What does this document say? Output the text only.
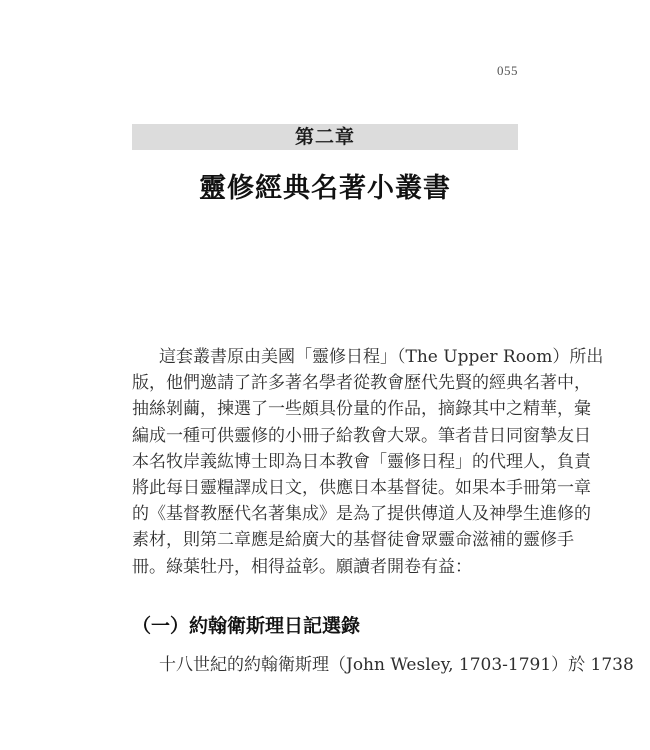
055
第二章
靈修經典名著小叢書
這套叢書原由美國「靈修日程」（The Upper Room）所出
版，他們邀請了許多著名學者從教會歷代先賢的經典名著中，
抽絲剝繭，揀選了一些頗具份量的作品，摘錄其中之精華，彙
編成一種可供靈修的小冊子給教會大眾。筆者昔日同窗摯友日
本名牧岸義紘博士即為日本教會「靈修日程」的代理人，負責
將此每日靈糧譯成日文，供應日本基督徒。如果本手冊第一章
的《基督教歷代名著集成》是為了提供傳道人及神學生進修的
素材，則第二章應是給廣大的基督徒會眾靈命滋補的靈修手
冊。綠葉牡丹，相得益彰。願讀者開卷有益：
（一）約翰衛斯理日記選錄
十八世紀的約翰衛斯理（John Wesley, 1703-1791）於 1738
